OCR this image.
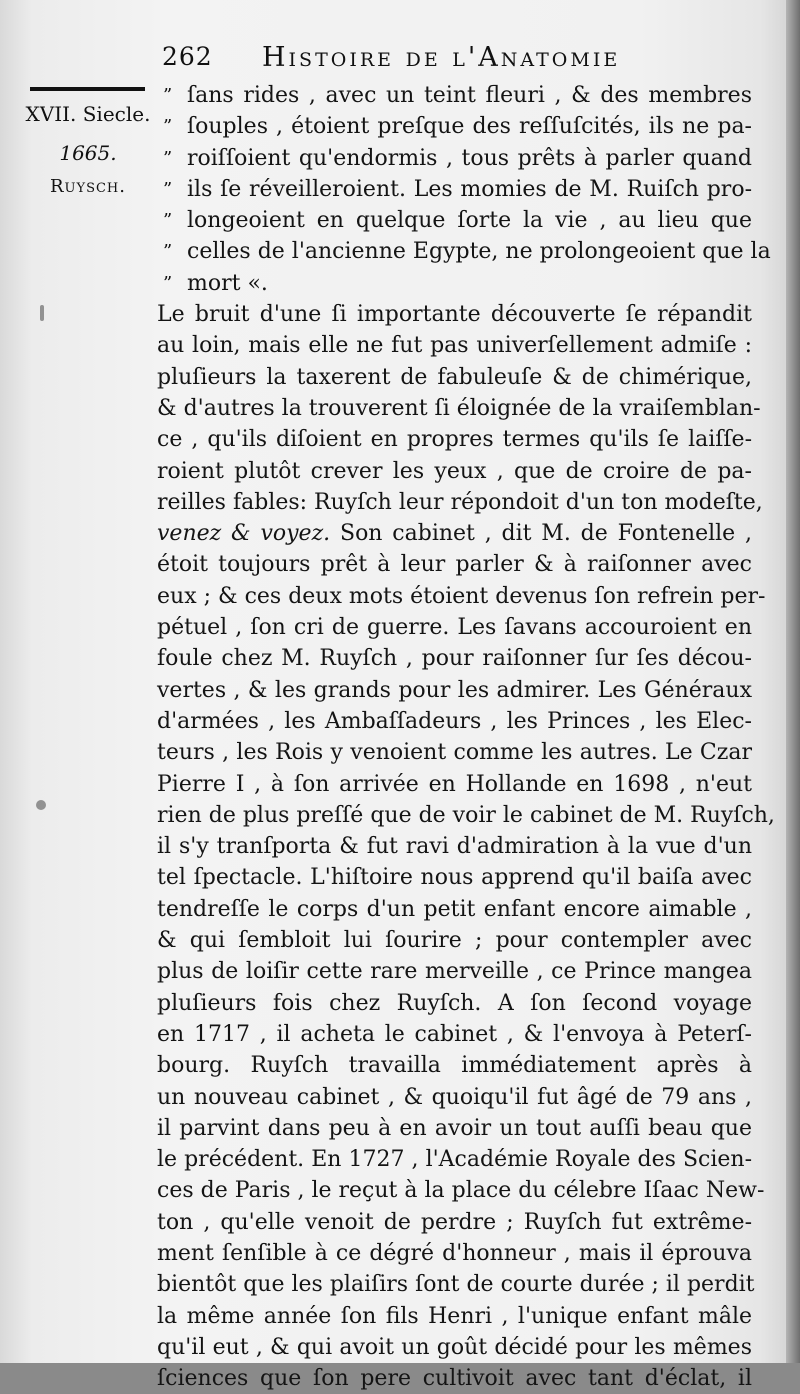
262 Histoire de l'Anatomie
XVII. Siecle.
1665.
Ruysch.
” ſans rides , avec un teint fleuri , & des membres
” ſouples , étoient preſque des reſſuſcités, ils ne pa-
” roiſſoient qu'endormis , tous prêts à parler quand
” ils ſe réveilleroient. Les momies de M. Ruiſch pro-
” longeoient en quelque ſorte la vie , au lieu que
” celles de l'ancienne Egypte, ne prolongeoient que la
” mort «.
Le bruit d'une ſi importante découverte ſe répandit
au loin, mais elle ne fut pas univerſellement admiſe :
pluſieurs la taxerent de fabuleuſe & de chimérique,
& d'autres la trouverent ſi éloignée de la vraiſemblan-
ce , qu'ils diſoient en propres termes qu'ils ſe laiſſe-
roient plutôt crever les yeux , que de croire de pa-
reilles fables: Ruyſch leur répondoit d'un ton modeſte,
venez & voyez. Son cabinet , dit M. de Fontenelle ,
étoit toujours prêt à leur parler & à raiſonner avec
eux ; & ces deux mots étoient devenus ſon refrein per-
pétuel , ſon cri de guerre. Les ſavans accouroient en
foule chez M. Ruyſch , pour raiſonner ſur ſes décou-
vertes , & les grands pour les admirer. Les Généraux
d'armées , les Ambaſſadeurs , les Princes , les Elec-
teurs , les Rois y venoient comme les autres. Le Czar
Pierre I , à ſon arrivée en Hollande en 1698 , n'eut
rien de plus preſſé que de voir le cabinet de M. Ruyſch,
il s'y tranſporta & fut ravi d'admiration à la vue d'un
tel ſpectacle. L'hiſtoire nous apprend qu'il baiſa avec
tendreſſe le corps d'un petit enfant encore aimable ,
& qui ſembloit lui ſourire ; pour contempler avec
plus de loiſir cette rare merveille , ce Prince mangea
pluſieurs fois chez Ruyſch. A ſon ſecond voyage
en 1717 , il acheta le cabinet , & l'envoya à Peterſ-
bourg. Ruyſch travailla immédiatement après à
un nouveau cabinet , & quoiqu'il fut âgé de 79 ans ,
il parvint dans peu à en avoir un tout auſſi beau que
le précédent. En 1727 , l'Académie Royale des Scien-
ces de Paris , le reçut à la place du célebre Iſaac New-
ton , qu'elle venoit de perdre ; Ruyſch fut extrême-
ment ſenſible à ce dégré d'honneur , mais il éprouva
bientôt que les plaiſirs ſont de courte durée ; il perdit
la même année ſon fils Henri , l'unique enfant mâle
qu'il eut , & qui avoit un goût décidé pour les mêmes
ſciences que ſon pere cultivoit avec tant d'éclat, il
